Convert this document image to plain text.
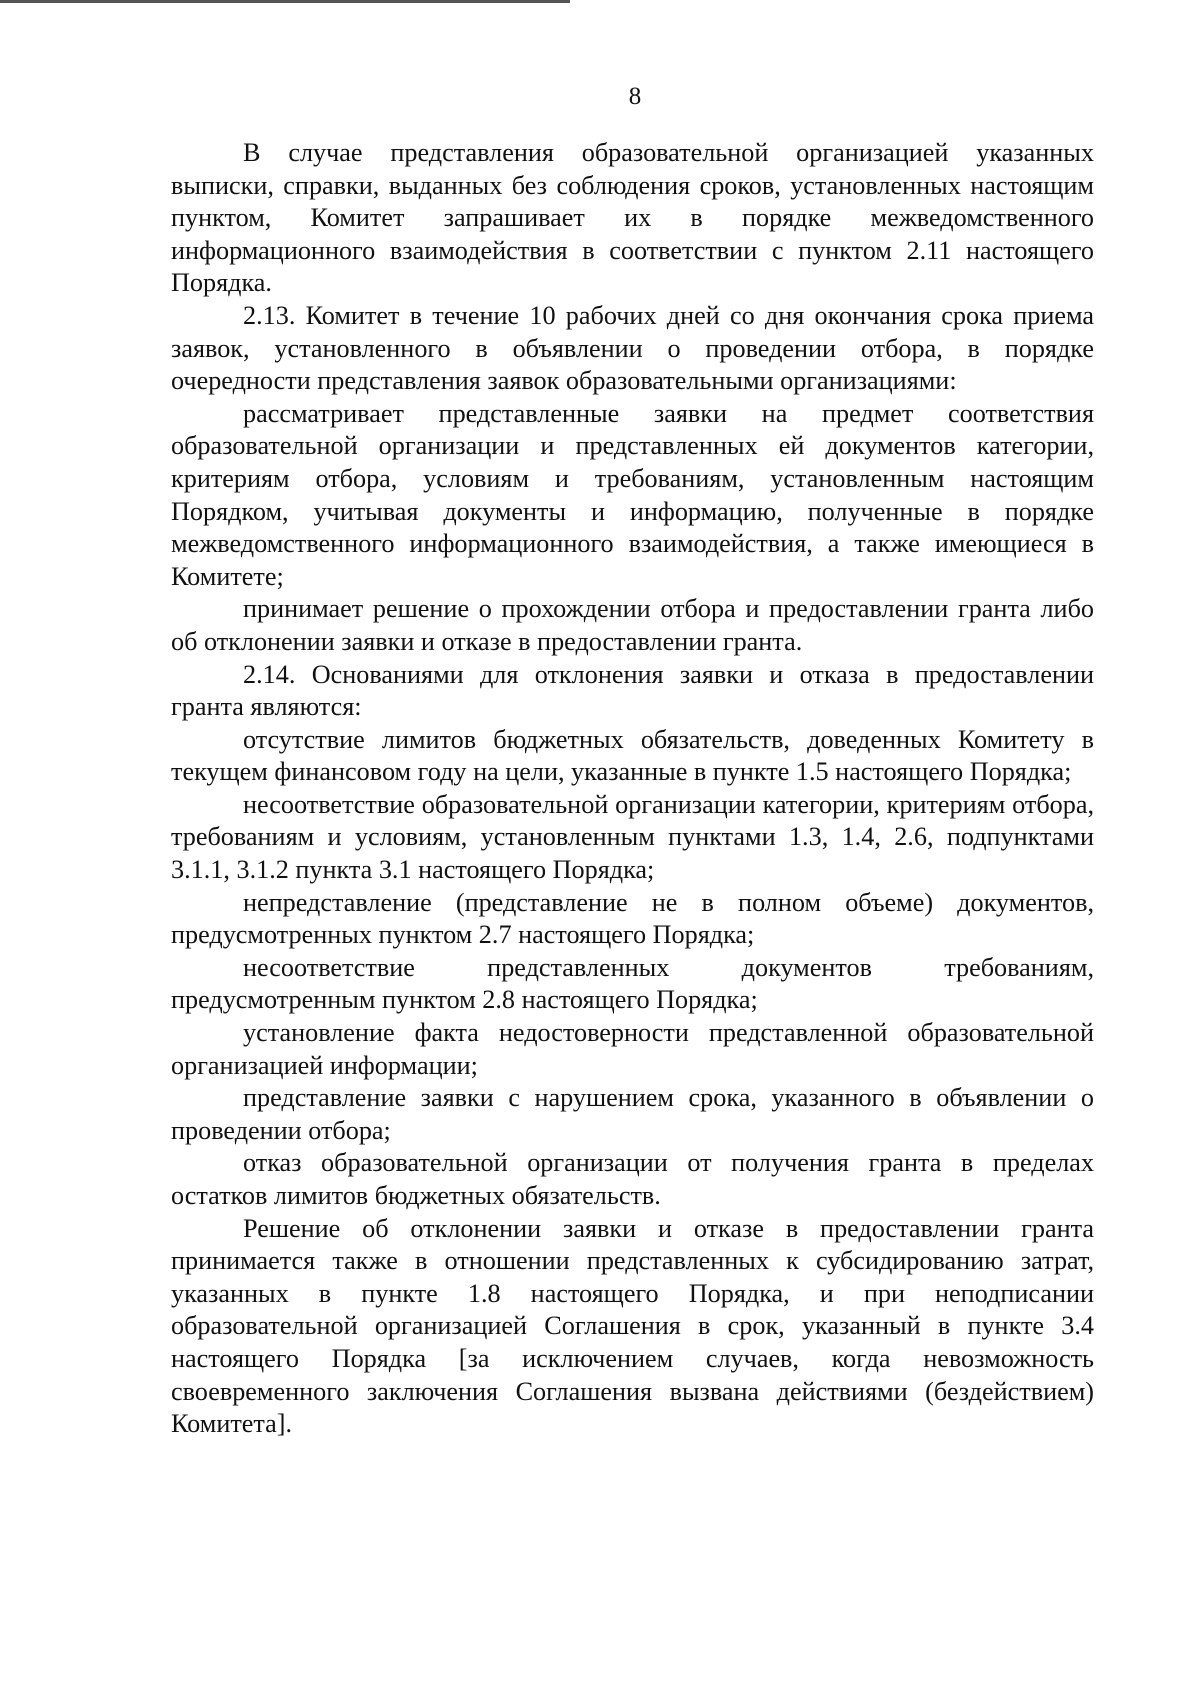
8

В случае представления образовательной организацией указанных выписки, справки, выданных без соблюдения сроков, установленных настоящим пунктом, Комитет запрашивает их в порядке межведомственного информационного взаимодействия в соответствии с пунктом 2.11 настоящего Порядка.

2.13. Комитет в течение 10 рабочих дней со дня окончания срока приема заявок, установленного в объявлении о проведении отбора, в порядке очередности представления заявок образовательными организациями:

рассматривает представленные заявки на предмет соответствия образовательной организации и представленных ей документов категории, критериям отбора, условиям и требованиям, установленным настоящим Порядком, учитывая документы и информацию, полученные в порядке межведомственного информационного взаимодействия, а также имеющиеся в Комитете;

принимает решение о прохождении отбора и предоставлении гранта либо об отклонении заявки и отказе в предоставлении гранта.

2.14. Основаниями для отклонения заявки и отказа в предоставлении гранта являются:

отсутствие лимитов бюджетных обязательств, доведенных Комитету в текущем финансовом году на цели, указанные в пункте 1.5 настоящего Порядка;

несоответствие образовательной организации категории, критериям отбора, требованиям и условиям, установленным пунктами 1.3, 1.4, 2.6, подпунктами 3.1.1, 3.1.2 пункта 3.1 настоящего Порядка;

непредставление (представление не в полном объеме) документов, предусмотренных пунктом 2.7 настоящего Порядка;

несоответствие представленных документов требованиям, предусмотренным пунктом 2.8 настоящего Порядка;

установление факта недостоверности представленной образовательной организацией информации;

представление заявки с нарушением срока, указанного в объявлении о проведении отбора;

отказ образовательной организации от получения гранта в пределах остатков лимитов бюджетных обязательств.

Решение об отклонении заявки и отказе в предоставлении гранта принимается также в отношении представленных к субсидированию затрат, указанных в пункте 1.8 настоящего Порядка, и при неподписании образовательной организацией Соглашения в срок, указанный в пункте 3.4 настоящего Порядка [за исключением случаев, когда невозможность своевременного заключения Соглашения вызвана действиями (бездействием) Комитета].
